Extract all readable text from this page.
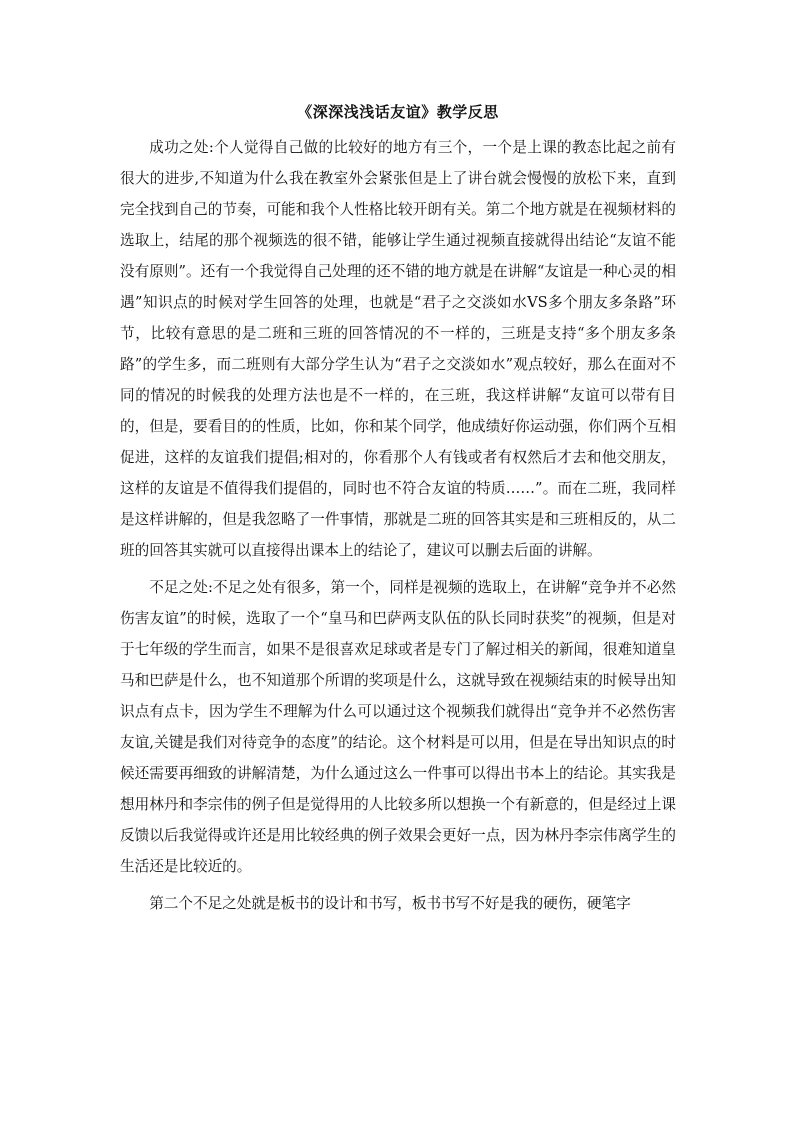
《深深浅浅话友谊》教学反思

成功之处:个人觉得自己做的比较好的地方有三个，一个是上课的教态比起之前有很大的进步,不知道为什么我在教室外会紧张但是上了讲台就会慢慢的放松下来，直到完全找到自己的节奏，可能和我个人性格比较开朗有关。第二个地方就是在视频材料的选取上，结尾的那个视频选的很不错，能够让学生通过视频直接就得出结论“友谊不能没有原则”。还有一个我觉得自己处理的还不错的地方就是在讲解“友谊是一种心灵的相遇”知识点的时候对学生回答的处理，也就是“君子之交淡如水VS多个朋友多条路”环节，比较有意思的是二班和三班的回答情况的不一样的，三班是支持“多个朋友多条路”的学生多，而二班则有大部分学生认为“君子之交淡如水”观点较好，那么在面对不同的情况的时候我的处理方法也是不一样的，在三班，我这样讲解“友谊可以带有目的，但是，要看目的的性质，比如，你和某个同学，他成绩好你运动强，你们两个互相促进，这样的友谊我们提倡;相对的，你看那个人有钱或者有权然后才去和他交朋友，这样的友谊是不值得我们提倡的，同时也不符合友谊的特质……”。而在二班，我同样是这样讲解的，但是我忽略了一件事情，那就是二班的回答其实是和三班相反的，从二班的回答其实就可以直接得出课本上的结论了，建议可以删去后面的讲解。

不足之处:不足之处有很多，第一个，同样是视频的选取上，在讲解“竞争并不必然伤害友谊”的时候，选取了一个“皇马和巴萨两支队伍的队长同时获奖”的视频，但是对于七年级的学生而言，如果不是很喜欢足球或者是专门了解过相关的新闻，很难知道皇马和巴萨是什么，也不知道那个所谓的奖项是什么，这就导致在视频结束的时候导出知识点有点卡，因为学生不理解为什么可以通过这个视频我们就得出“竞争并不必然伤害友谊,关键是我们对待竞争的态度”的结论。这个材料是可以用，但是在导出知识点的时候还需要再细致的讲解清楚，为什么通过这么一件事可以得出书本上的结论。其实我是想用林丹和李宗伟的例子但是觉得用的人比较多所以想换一个有新意的，但是经过上课反馈以后我觉得或许还是用比较经典的例子效果会更好一点，因为林丹李宗伟离学生的生活还是比较近的。

第二个不足之处就是板书的设计和书写，板书书写不好是我的硬伤，硬笔字
